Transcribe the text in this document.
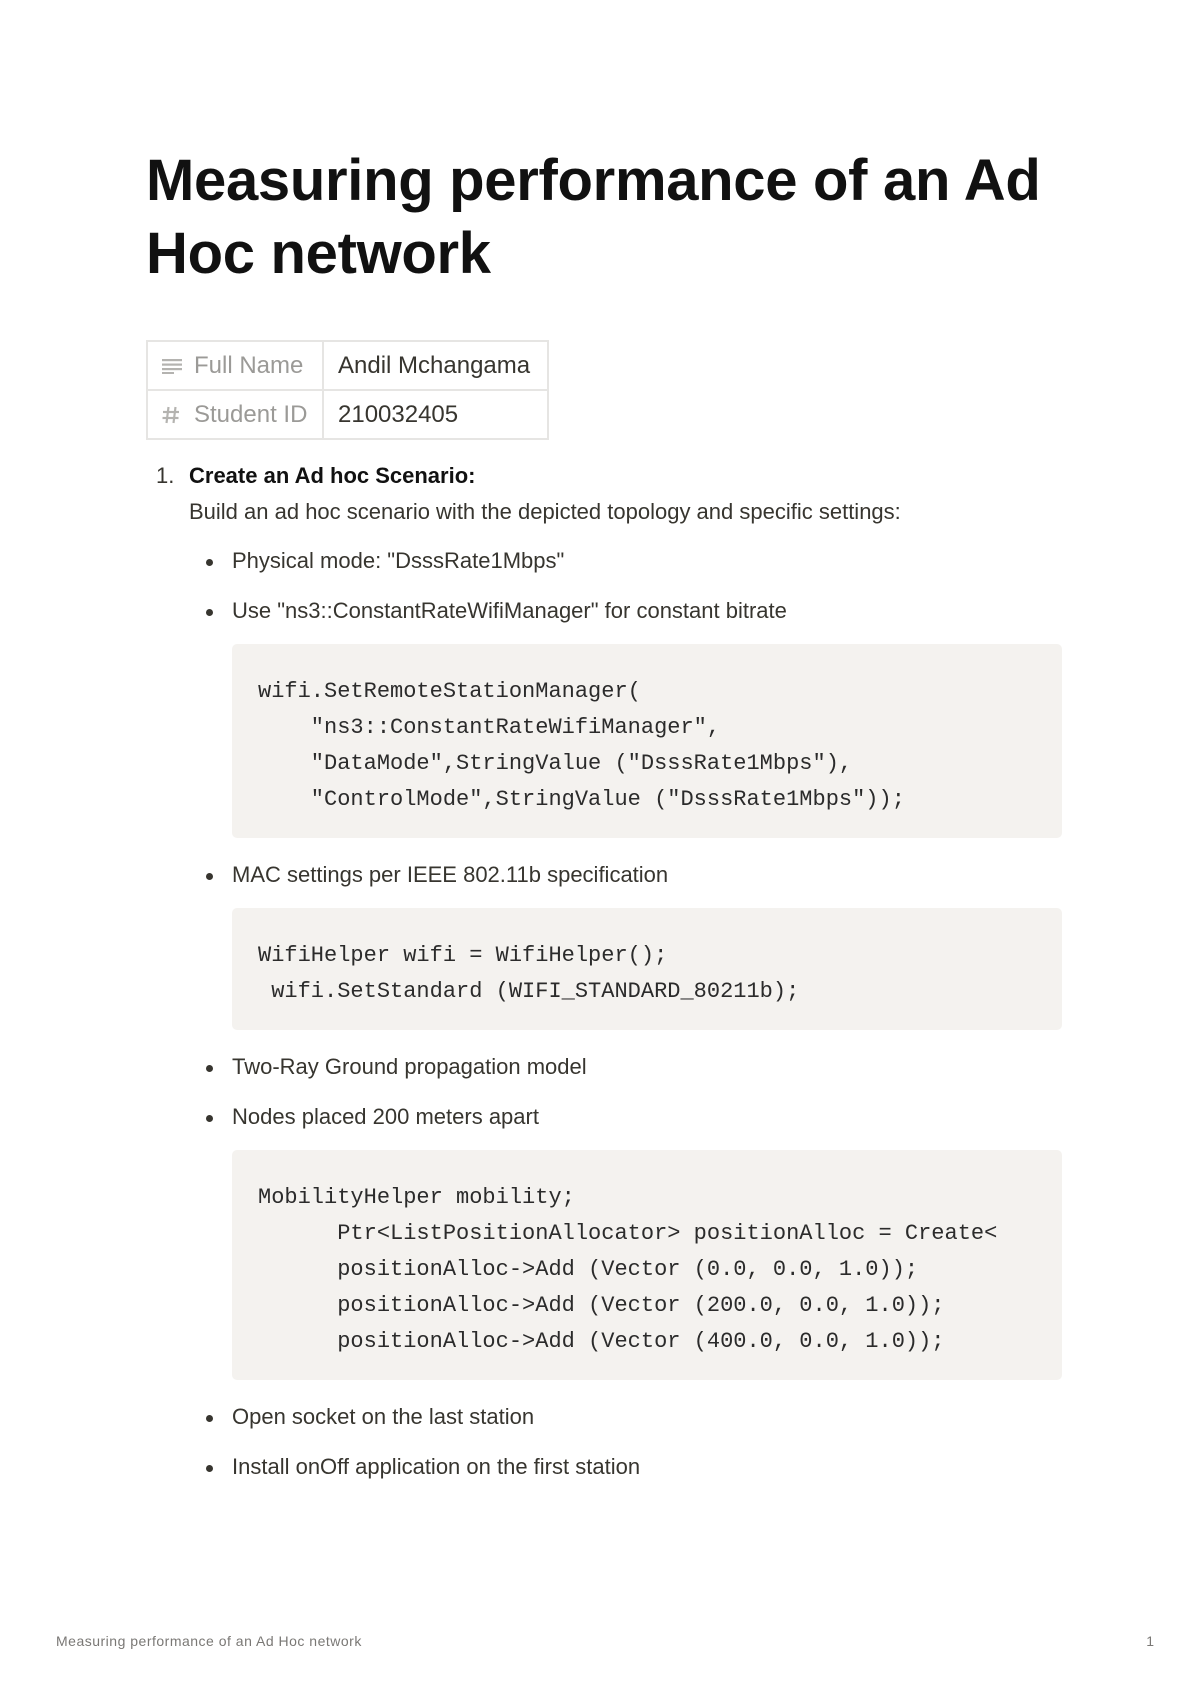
Measuring performance of an Ad Hoc network
Full Name	Andil Mchangama

Student ID	210032405
1. Create an Ad hoc Scenario:
Build an ad hoc scenario with the depicted topology and specific settings:
Physical mode: "DsssRate1Mbps"
Use "ns3::ConstantRateWifiManager" for constant bitrate
wifi.SetRemoteStationManager(
"ns3::ConstantRateWifiManager",
"DataMode",StringValue ("DsssRate1Mbps"),
"ControlMode",StringValue ("DsssRate1Mbps"));
MAC settings per IEEE 802.11b specification
WifiHelper wifi = WifiHelper();
wifi.SetStandard (WIFI_STANDARD_80211b);
Two-Ray Ground propagation model
Nodes placed 200 meters apart
MobilityHelper mobility;
Ptr<ListPositionAllocator> positionAlloc = Create<
positionAlloc->Add (Vector (0.0, 0.0, 1.0));
positionAlloc->Add (Vector (200.0, 0.0, 1.0));
positionAlloc->Add (Vector (400.0, 0.0, 1.0));
Open socket on the last station
Install onOff application on the first station
Measuring performance of an Ad Hoc network	1
